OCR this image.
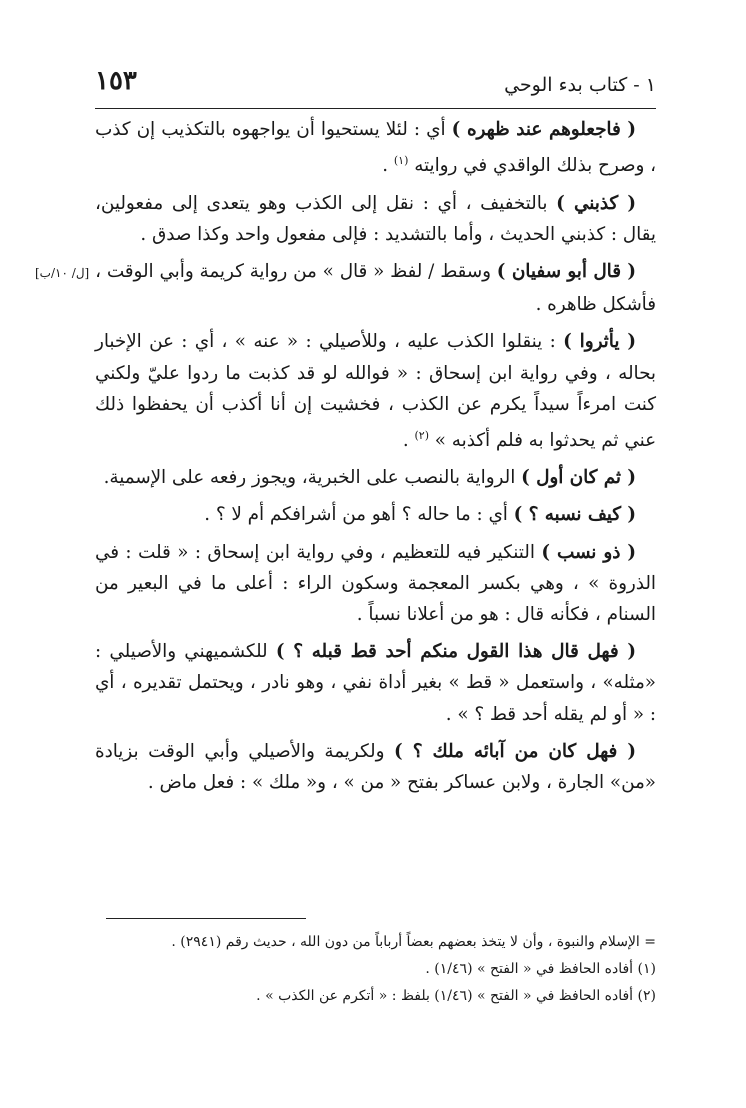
١ - كتاب بدء الوحي
١٥٣

( فاجعلوهم عند ظهره ) أي : لئلا يستحيوا أن يواجهوه بالتكذيب إن كذب ، وصرح بذلك الواقدي في روايته $^{(١)}$ .

( كذبني ) بالتخفيف ، أي : نقل إلى الكذب وهو يتعدى إلى مفعولين، يقال : كذبني الحديث ، وأما بالتشديد : فإلى مفعول واحد وكذا صدق .

( قال أبو سفيان ) وسقط / لفظ « قال » من رواية كريمة وأبي الوقت ، [ل/ ١٠/ب] فأشكل ظاهره .

( يأثروا ) : ينقلوا الكذب عليه ، وللأصيلي : « عنه » ، أي : عن الإخبار بحاله ، وفي رواية ابن إسحاق : « فوالله لو قد كذبت ما ردوا عليّ ولكني كنت امرءاً سيداً يكرم عن الكذب ، فخشيت إن أنا أكذب أن يحفظوا ذلك عني ثم يحدثوا به فلم أكذبه » $^{(٢)}$ .

( ثم كان أول ) الرواية بالنصب على الخبرية، ويجوز رفعه على الإسمية.

( كيف نسبه ؟ ) أي : ما حاله ؟ أهو من أشرافكم أم لا ؟ .

( ذو نسب ) التنكير فيه للتعظيم ، وفي رواية ابن إسحاق : « قلت : في الذروة » ، وهي بكسر المعجمة وسكون الراء : أعلى ما في البعير من السنام ، فكأنه قال : هو من أعلانا نسباً .

( فهل قال هذا القول منكم أحد قط قبله ؟ ) للكشميهني والأصيلي : «مثله» ، واستعمل « قط » بغير أداة نفي ، وهو نادر ، ويحتمل تقديره ، أي : « أو لم يقله أحد قط ؟ » .

( فهل كان من آبائه ملك ؟ ) ولكريمة والأصيلي وأبي الوقت بزيادة «من» الجارة ، ولابن عساكر بفتح « من » ، و« ملك » : فعل ماض .

= الإسلام والنبوة ، وأن لا يتخذ بعضهم بعضاً أرباباً من دون الله ، حديث رقم (٢٩٤١) .

(١) أفاده الحافظ في « الفتح » (١/٤٦) .

(٢) أفاده الحافظ في « الفتح » (١/٤٦) بلفظ : « أتكرم عن الكذب » .
